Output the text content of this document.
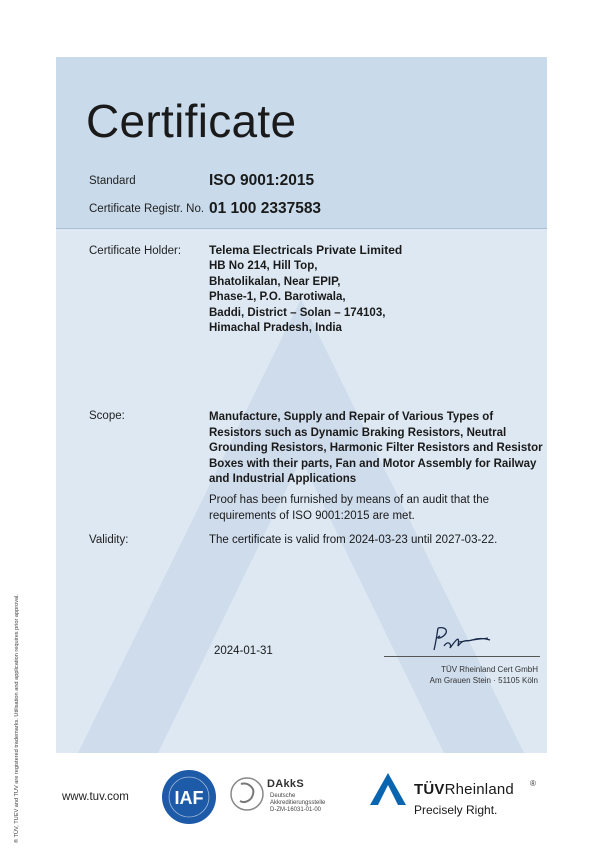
Certificate
Standard	ISO 9001:2015
Certificate Registr. No. 01 100 2337583
Certificate Holder: Telema Electricals Private Limited
HB No 214, Hill Top,
Bhatolikalan, Near EPIP,
Phase-1, P.O. Barotiwala,
Baddi, District – Solan – 174103,
Himachal Pradesh, India
Scope:	Manufacture, Supply and Repair of Various Types of Resistors such as Dynamic Braking Resistors, Neutral Grounding Resistors, Harmonic Filter Resistors and Resistor Boxes with their parts, Fan and Motor Assembly for Railway and Industrial Applications
Proof has been furnished by means of an audit that the requirements of ISO 9001:2015 are met.
Validity:	The certificate is valid from 2024-03-23 until 2027-03-22.
2024-01-31
TÜV Rheinland Cert GmbH
Am Grauen Stein · 51105 Köln
® TÜV, TUEV and TUV are registered trademarks. Utilisation and application requires prior approval.	www.tuv.com	IAF
DAkkS
Deutsche
Akkreditierungsstelle
D-ZM-16031-01-00
TÜVRheinland ®
Precisely Right.
